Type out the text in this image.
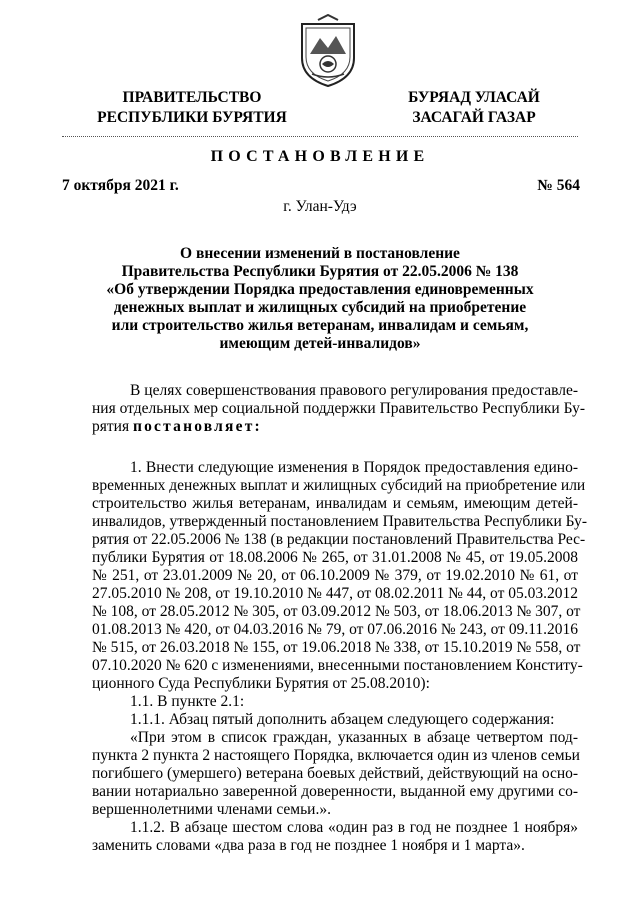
ПРАВИТЕЛЬСТВО
РЕСПУБЛИКИ БУРЯТИЯ
БУРЯАД УЛАСАЙ
ЗАСАГАЙ ГАЗАР
ПОСТАНОВЛЕНИЕ
7 октября 2021 г.	№ 564
г. Улан-Удэ
О внесении изменений в постановление
Правительства Республики Бурятия от 22.05.2006 № 138
«Об утверждении Порядка предоставления единовременных
денежных выплат и жилищных субсидий на приобретение
или строительство жилья ветеранам, инвалидам и семьям,
имеющим детей-инвалидов»
В целях совершенствования правового регулирования предоставле-
ния отдельных мер социальной поддержки Правительство Республики Бу-
рятия постановляет:
1. Внести следующие изменения в Порядок предоставления едино-
временных денежных выплат и жилищных субсидий на приобретение или
строительство жилья ветеранам, инвалидам и семьям, имеющим детей-
инвалидов, утвержденный постановлением Правительства Республики Бу-
рятия от 22.05.2006 № 138 (в редакции постановлений Правительства Рес-
публики Бурятия от 18.08.2006 № 265, от 31.01.2008 № 45, от 19.05.2008
№ 251, от 23.01.2009 № 20, от 06.10.2009 № 379, от 19.02.2010 № 61, от
27.05.2010 № 208, от 19.10.2010 № 447, от 08.02.2011 № 44, от 05.03.2012
№ 108, от 28.05.2012 № 305, от 03.09.2012 № 503, от 18.06.2013 № 307, от
01.08.2013 № 420, от 04.03.2016 № 79, от 07.06.2016 № 243, от 09.11.2016
№ 515, от 26.03.2018 № 155, от 19.06.2018 № 338, от 15.10.2019 № 558, от
07.10.2020 № 620 с изменениями, внесенными постановлением Конститу-
ционного Суда Республики Бурятия от 25.08.2010):
1.1. В пункте 2.1:
1.1.1. Абзац пятый дополнить абзацем следующего содержания:
«При этом в список граждан, указанных в абзаце четвертом под-
пункта 2 пункта 2 настоящего Порядка, включается один из членов семьи
погибшего (умершего) ветерана боевых действий, действующий на осно-
вании нотариально заверенной доверенности, выданной ему другими со-
вершеннолетними членами семьи.».
1.1.2. В абзаце шестом слова «один раз в год не позднее 1 ноября»
заменить словами «два раза в год не позднее 1 ноября и 1 марта».
